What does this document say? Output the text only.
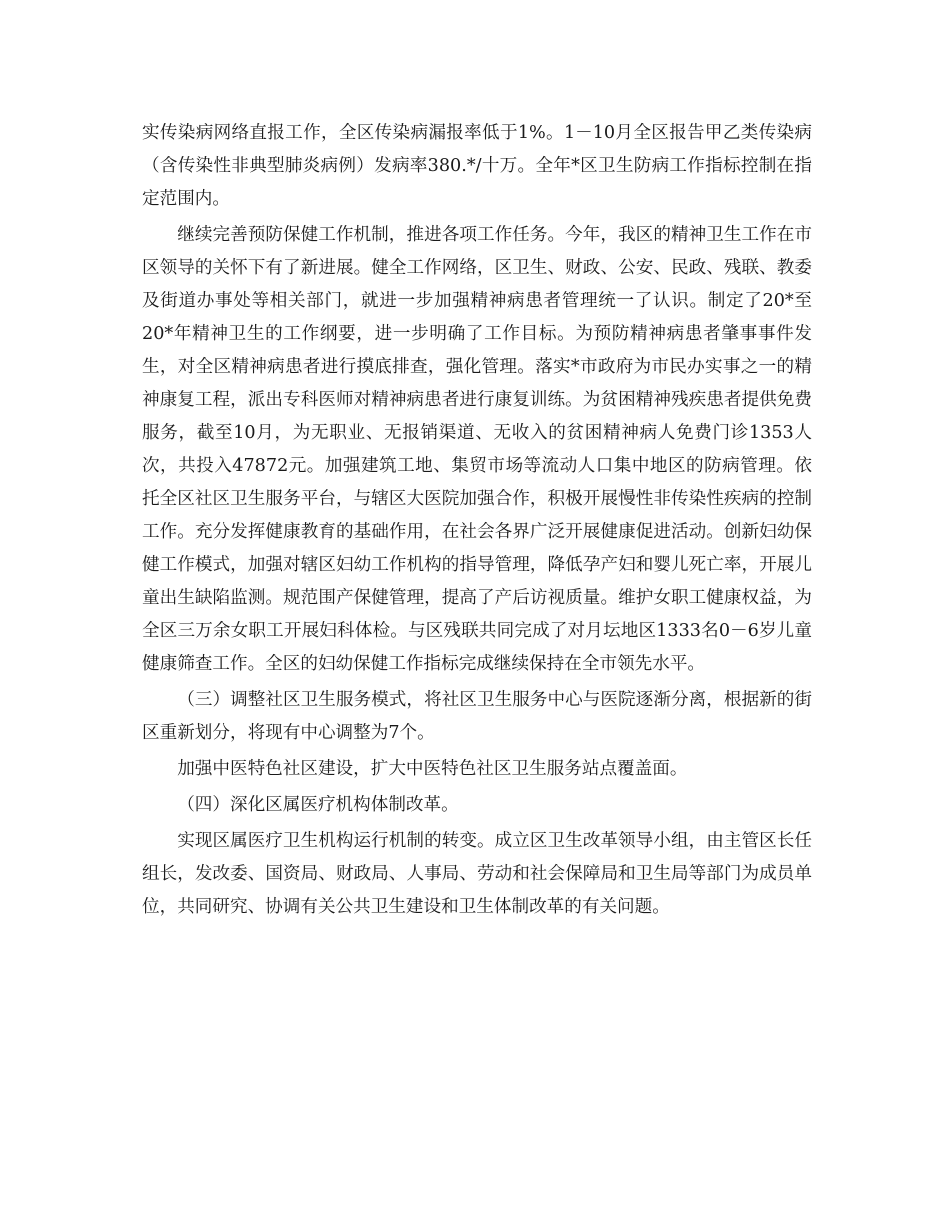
实传染病网络直报工作，全区传染病漏报率低于1%。1－10月全区报告甲乙类传染病（含传染性非典型肺炎病例）发病率380.*/十万。全年*区卫生防病工作指标控制在指定范围内。

继续完善预防保健工作机制，推进各项工作任务。今年，我区的精神卫生工作在市区领导的关怀下有了新进展。健全工作网络，区卫生、财政、公安、民政、残联、教委及街道办事处等相关部门，就进一步加强精神病患者管理统一了认识。制定了20*至20*年精神卫生的工作纲要，进一步明确了工作目标。为预防精神病患者肇事事件发生，对全区精神病患者进行摸底排查，强化管理。落实*市政府为市民办实事之一的精神康复工程，派出专科医师对精神病患者进行康复训练。为贫困精神残疾患者提供免费服务，截至10月，为无职业、无报销渠道、无收入的贫困精神病人免费门诊1353人次，共投入47872元。加强建筑工地、集贸市场等流动人口集中地区的防病管理。依托全区社区卫生服务平台，与辖区大医院加强合作，积极开展慢性非传染性疾病的控制工作。充分发挥健康教育的基础作用，在社会各界广泛开展健康促进活动。创新妇幼保健工作模式，加强对辖区妇幼工作机构的指导管理，降低孕产妇和婴儿死亡率，开展儿童出生缺陷监测。规范围产保健管理，提高了产后访视质量。维护女职工健康权益，为全区三万余女职工开展妇科体检。与区残联共同完成了对月坛地区1333名0－6岁儿童健康筛查工作。全区的妇幼保健工作指标完成继续保持在全市领先水平。

（三）调整社区卫生服务模式，将社区卫生服务中心与医院逐渐分离，根据新的街区重新划分，将现有中心调整为7个。

加强中医特色社区建设，扩大中医特色社区卫生服务站点覆盖面。

（四）深化区属医疗机构体制改革。

实现区属医疗卫生机构运行机制的转变。成立区卫生改革领导小组，由主管区长任组长，发改委、国资局、财政局、人事局、劳动和社会保障局和卫生局等部门为成员单位，共同研究、协调有关公共卫生建设和卫生体制改革的有关问题。
